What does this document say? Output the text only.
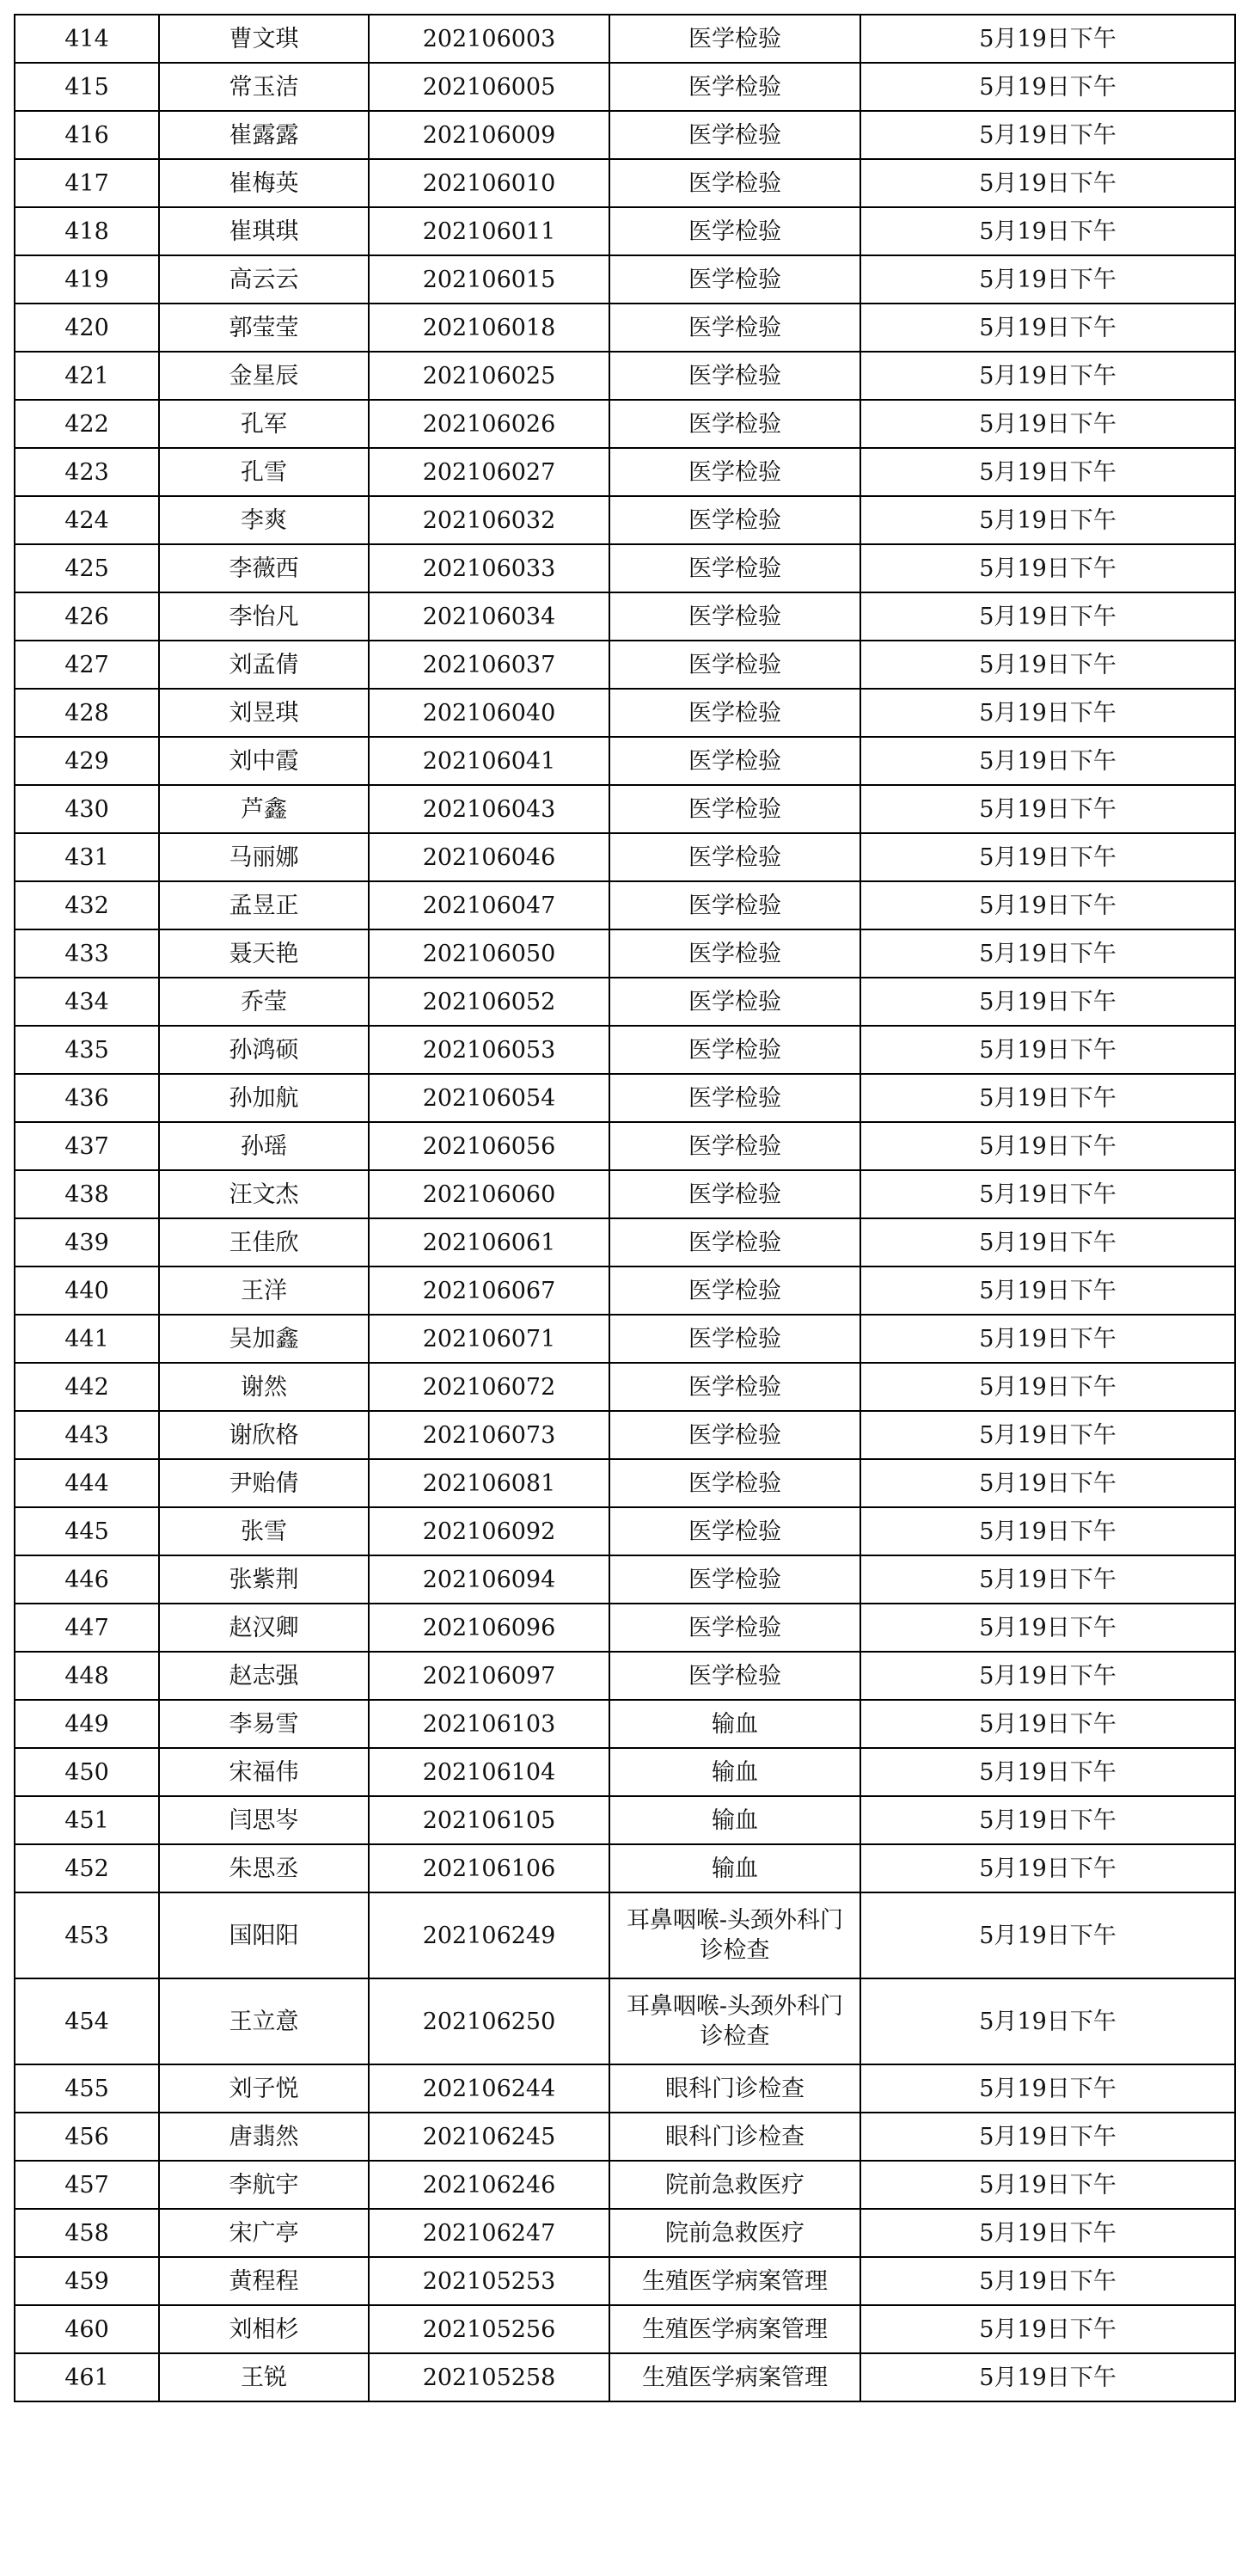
414	曹文琪	202106003	医学检验	5月19日下午
415	常玉洁	202106005	医学检验	5月19日下午
416	崔露露	202106009	医学检验	5月19日下午
417	崔梅英	202106010	医学检验	5月19日下午
418	崔琪琪	202106011	医学检验	5月19日下午
419	高云云	202106015	医学检验	5月19日下午
420	郭莹莹	202106018	医学检验	5月19日下午
421	金星辰	202106025	医学检验	5月19日下午
422	孔军	202106026	医学检验	5月19日下午
423	孔雪	202106027	医学检验	5月19日下午
424	李爽	202106032	医学检验	5月19日下午
425	李薇西	202106033	医学检验	5月19日下午
426	李怡凡	202106034	医学检验	5月19日下午
427	刘孟倩	202106037	医学检验	5月19日下午
428	刘昱琪	202106040	医学检验	5月19日下午
429	刘中霞	202106041	医学检验	5月19日下午
430	芦鑫	202106043	医学检验	5月19日下午
431	马丽娜	202106046	医学检验	5月19日下午
432	孟昱正	202106047	医学检验	5月19日下午
433	聂天艳	202106050	医学检验	5月19日下午
434	乔莹	202106052	医学检验	5月19日下午
435	孙鸿硕	202106053	医学检验	5月19日下午
436	孙加航	202106054	医学检验	5月19日下午
437	孙瑶	202106056	医学检验	5月19日下午
438	汪文杰	202106060	医学检验	5月19日下午
439	王佳欣	202106061	医学检验	5月19日下午
440	王洋	202106067	医学检验	5月19日下午
441	吴加鑫	202106071	医学检验	5月19日下午
442	谢然	202106072	医学检验	5月19日下午
443	谢欣格	202106073	医学检验	5月19日下午
444	尹贻倩	202106081	医学检验	5月19日下午
445	张雪	202106092	医学检验	5月19日下午
446	张紫荆	202106094	医学检验	5月19日下午
447	赵汉卿	202106096	医学检验	5月19日下午
448	赵志强	202106097	医学检验	5月19日下午
449	李易雪	202106103	输血	5月19日下午
450	宋福伟	202106104	输血	5月19日下午
451	闫思岑	202106105	输血	5月19日下午
452	朱思丞	202106106	输血	5月19日下午
453	国阳阳	202106249	耳鼻咽喉-头颈外科门诊检查	5月19日下午
454	王立意	202106250	耳鼻咽喉-头颈外科门诊检查	5月19日下午
455	刘子悦	202106244	眼科门诊检查	5月19日下午
456	唐翡然	202106245	眼科门诊检查	5月19日下午
457	李航宇	202106246	院前急救医疗	5月19日下午
458	宋广亭	202106247	院前急救医疗	5月19日下午
459	黄程程	202105253	生殖医学病案管理	5月19日下午
460	刘相杉	202105256	生殖医学病案管理	5月19日下午
461	王锐	202105258	生殖医学病案管理	5月19日下午
